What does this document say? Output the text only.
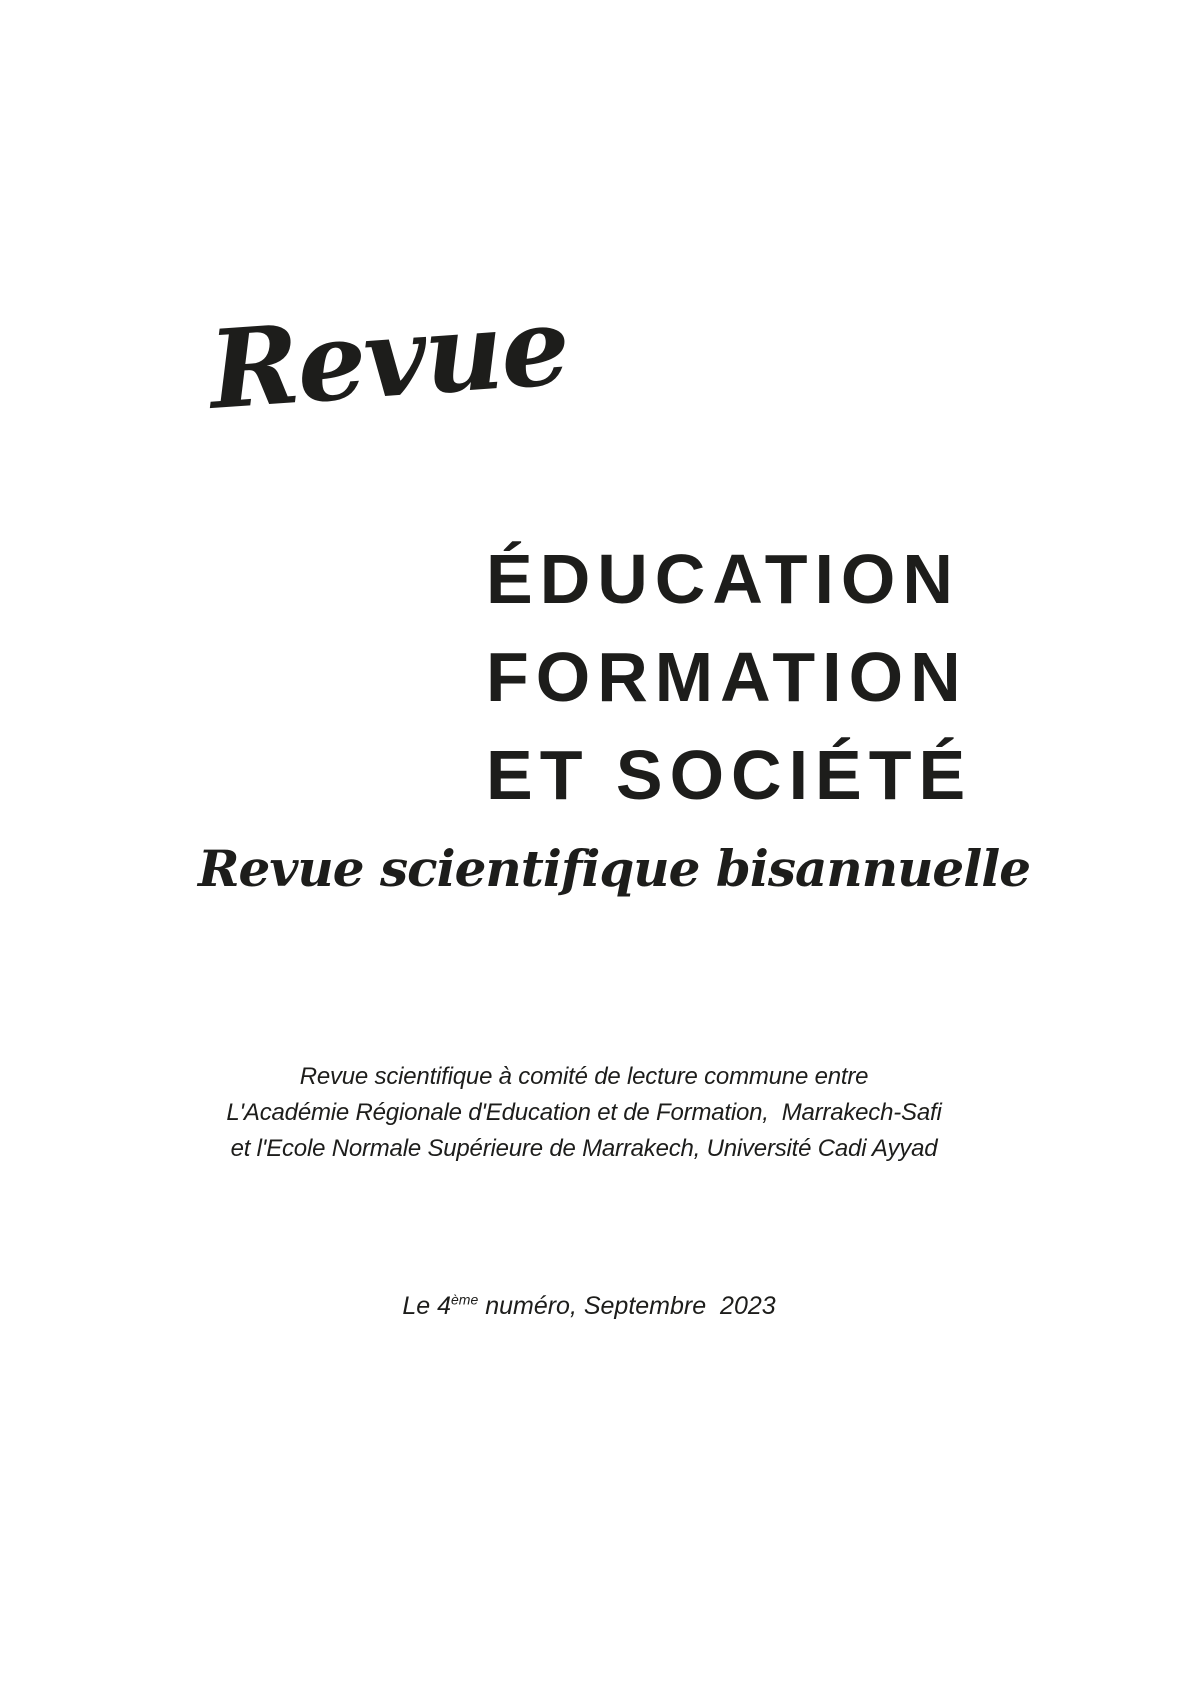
Revue
ÉDUCATION
FORMATION
ET SOCIÉTÉ
Revue scientifique bisannuelle
Revue scientifique à comité de lecture commune entre
L'Académie Régionale d'Education et de Formation,  Marrakech-Safi
et l'Ecole Normale Supérieure de Marrakech, Université Cadi Ayyad
Le 4ème numéro, Septembre  2023
